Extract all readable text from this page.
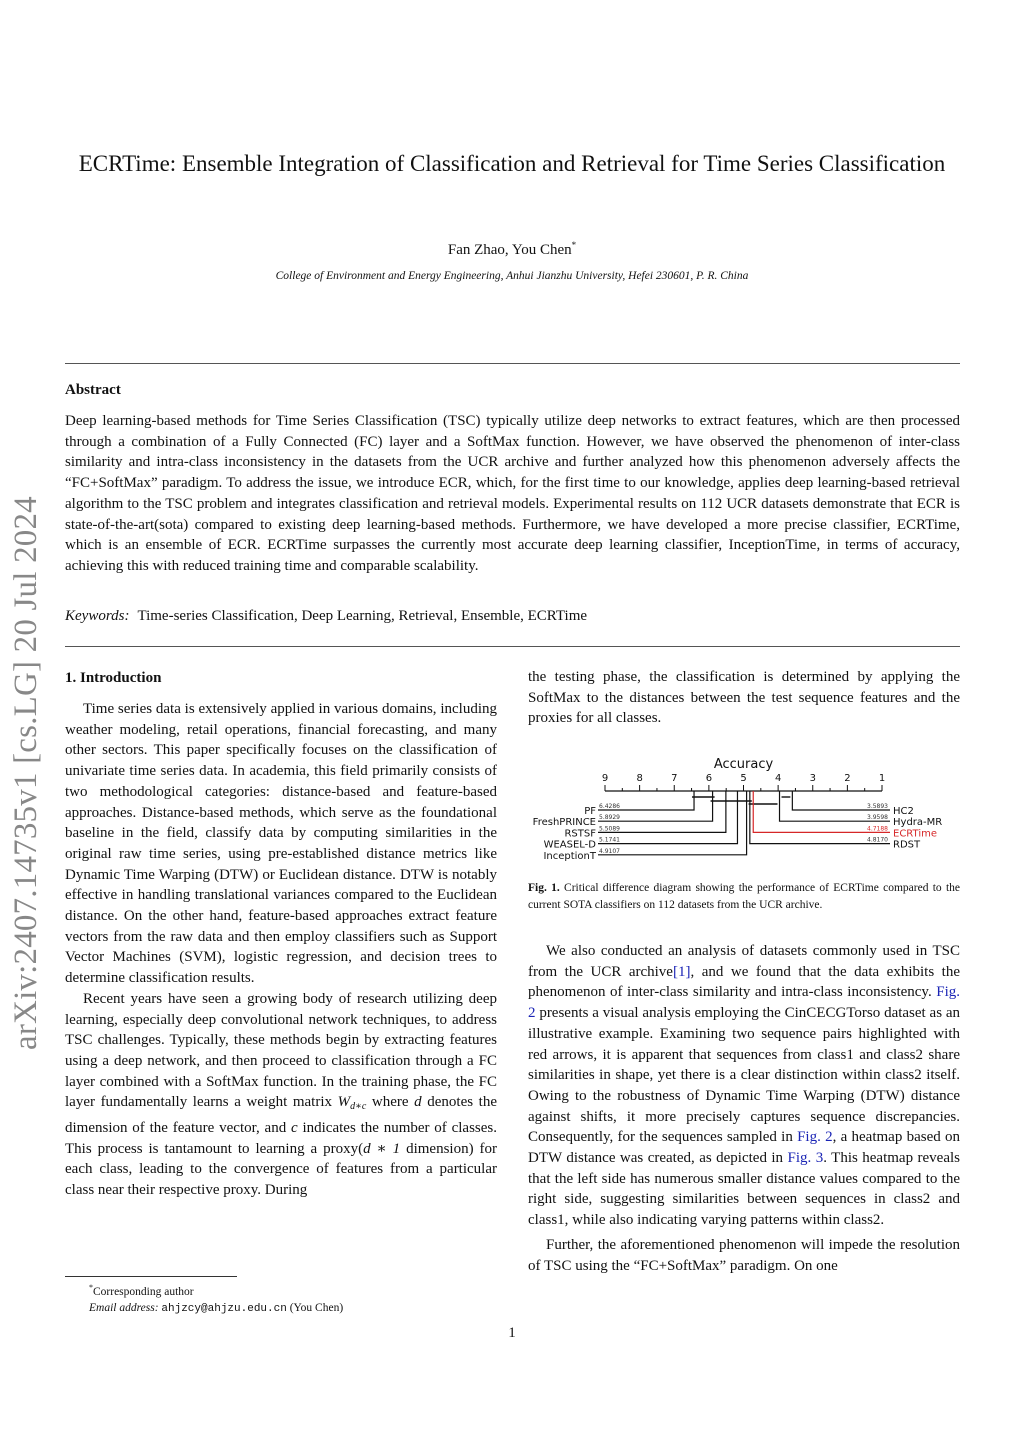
arXiv:2407.14735v1 [cs.LG] 20 Jul 2024
ECRTime: Ensemble Integration of Classification and Retrieval for Time Series Classification
Fan Zhao, You Chen*
College of Environment and Energy Engineering, Anhui Jianzhu University, Hefei 230601, P. R. China
Abstract

Deep learning-based methods for Time Series Classification (TSC) typically utilize deep networks to extract features, which are then processed through a combination of a Fully Connected (FC) layer and a SoftMax function. However, we have observed the phenomenon of inter-class similarity and intra-class inconsistency in the datasets from the UCR archive and further analyzed how this phenomenon adversely affects the “FC+SoftMax” paradigm. To address the issue, we introduce ECR, which, for the first time to our knowledge, applies deep learning-based retrieval algorithm to the TSC problem and integrates classification and retrieval models. Experimental results on 112 UCR datasets demonstrate that ECR is state-of-the-art(sota) compared to existing deep learning-based methods. Furthermore, we have developed a more precise classifier, ECRTime, which is an ensemble of ECR. ECRTime surpasses the currently most accurate deep learning classifier, InceptionTime, in terms of accuracy, achieving this with reduced training time and comparable scalability.

Keywords: Time-series Classification, Deep Learning, Retrieval, Ensemble, ECRTime
1. Introduction

Time series data is extensively applied in various domains, including weather modeling, retail operations, financial forecasting, and many other sectors. This paper specifically focuses on the classification of univariate time series data. In academia, this field primarily consists of two methodological categories: distance-based and feature-based approaches. Distance-based methods, which serve as the foundational baseline in the field, classify data by computing similarities in the original raw time series, using pre-established distance metrics like Dynamic Time Warping (DTW) or Euclidean distance. DTW is notably effective in handling translational variances compared to the Euclidean distance. On the other hand, feature-based approaches extract feature vectors from the raw data and then employ classifiers such as Support Vector Machines (SVM), logistic regression, and decision trees to determine classification results.

Recent years have seen a growing body of research utilizing deep learning, especially deep convolutional network techniques, to address TSC challenges. Typically, these methods begin by extracting features using a deep network, and then proceed to classification through a FC layer combined with a SoftMax function. In the training phase, the FC layer fundamentally learns a weight matrix $W_{d∗c}$ where d denotes the dimension of the feature vector, and c indicates the number of classes. This process is tantamount to learning a proxy(d ∗ 1 dimension) for each class, leading to the convergence of features from a particular class near their respective proxy. During

the testing phase, the classification is determined by applying the SoftMax to the distances between the test sequence features and the proxies for all classes.

Accuracy
9	8	7	6	5	4	3	2	1
PF 6.4286
FreshPRINCE 5.8929
RSTSF 5.5089
WEASEL-D 5.1741
InceptionT 4.9107
HC2
3.5893
Hydra-MR
3.9598
ECRTime
4.7188
RDST
4.8170
Fig. 1. Critical difference diagram showing the performance of ECRTime compared to the current SOTA classifiers on 112 datasets from the UCR archive.

We also conducted an analysis of datasets commonly used in TSC from the UCR archive[1], and we found that the data exhibits the phenomenon of inter-class similarity and intra-class inconsistency. Fig. 2 presents a visual analysis employing the CinCECGTorso dataset as an illustrative example. Examining two sequence pairs highlighted with red arrows, it is apparent that sequences from class1 and class2 share similarities in shape, yet there is a clear distinction within class2 itself. Owing to the robustness of Dynamic Time Warping (DTW) distance against shifts, it more precisely captures sequence discrepancies. Consequently, for the sequences sampled in Fig. 2, a heatmap based on DTW distance was created, as depicted in Fig. 3. This heatmap reveals that the left side has numerous smaller distance values compared to the right side, suggesting similarities between sequences in class2 and class1, while also indicating varying patterns within class2.

Further, the aforementioned phenomenon will impede the resolution of TSC using the “FC+SoftMax” paradigm. On one

*Corresponding author
Email address: ahjzcy@ahjzu.edu.cn (You Chen)
1
